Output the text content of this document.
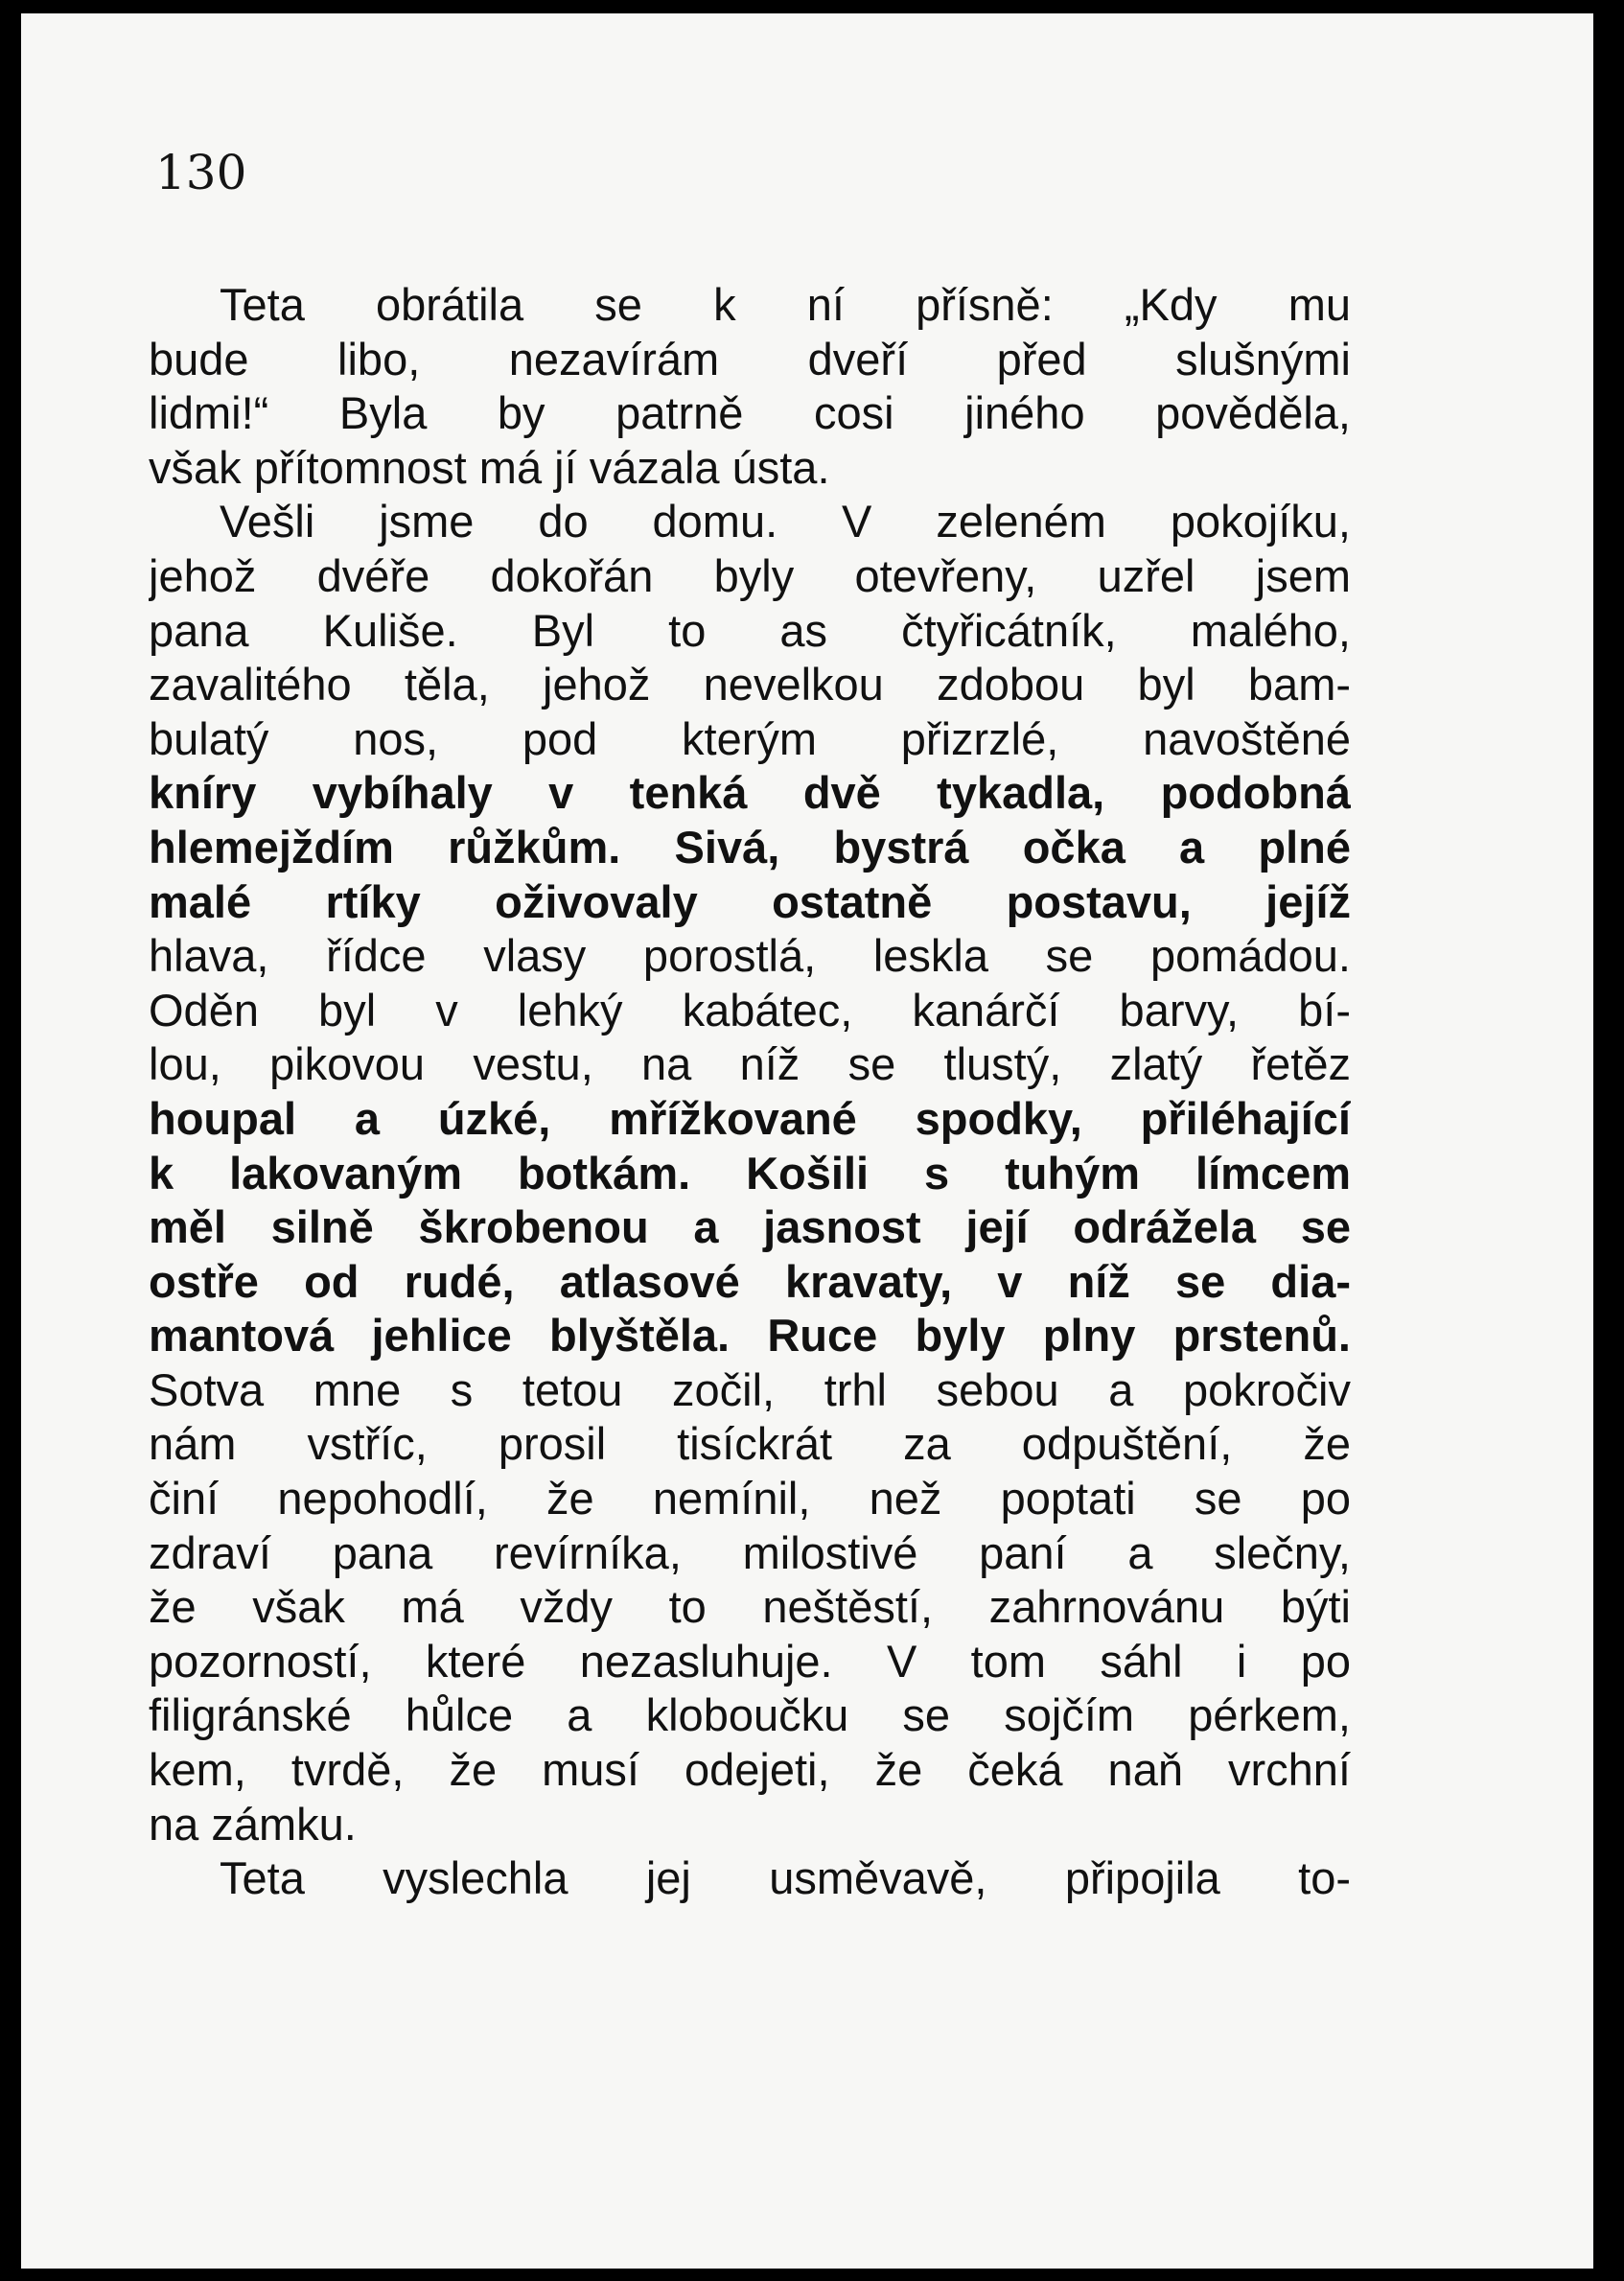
130

Teta obrátila se k ní přísně: „Kdy mu
bude libo, nezavírám dveří před slušnými
lidmi!“ Byla by patrně cosi jiného pověděla,
však přítomnost má jí vázala ústa.
Vešli jsme do domu. V zeleném pokojíku,
jehož dvéře dokořán byly otevřeny, uzřel jsem
pana Kuliše. Byl to as čtyřicátník, malého,
zavalitého těla, jehož nevelkou zdobou byl bam-
bulatý nos, pod kterým přizrzlé, navoštěné
kníry vybíhaly v tenká dvě tykadla, podobná
hlemejždím růžkům. Sivá, bystrá očka a plné
malé rtíky oživovaly ostatně postavu, jejíž
hlava, řídce vlasy porostlá, leskla se pomádou.
Oděn byl v lehký kabátec, kanárčí barvy, bí-
lou, pikovou vestu, na níž se tlustý, zlatý řetěz
houpal a úzké, mřížkované spodky, přiléhající
k lakovaným botkám. Košili s tuhým límcem
měl silně škrobenou a jasnost její odrážela se
ostře od rudé, atlasové kravaty, v níž se dia-
mantová jehlice blyštěla. Ruce byly plny prstenů.
Sotva mne s tetou zočil, trhl sebou a pokročiv
nám vstříc, prosil tisíckrát za odpuštění, že
činí nepohodlí, že nemínil, než poptati se po
zdraví pana revírníka, milostivé paní a slečny,
že však má vždy to neštěstí, zahrnovánu býti
pozorností, které nezasluhuje. V tom sáhl i po
filigránské hůlce a kloboučku se sojčím pérkem,
kem, tvrdě, že musí odejeti, že čeká naň vrchní
na zámku.
Teta vyslechla jej usměvavě, připojila to-
